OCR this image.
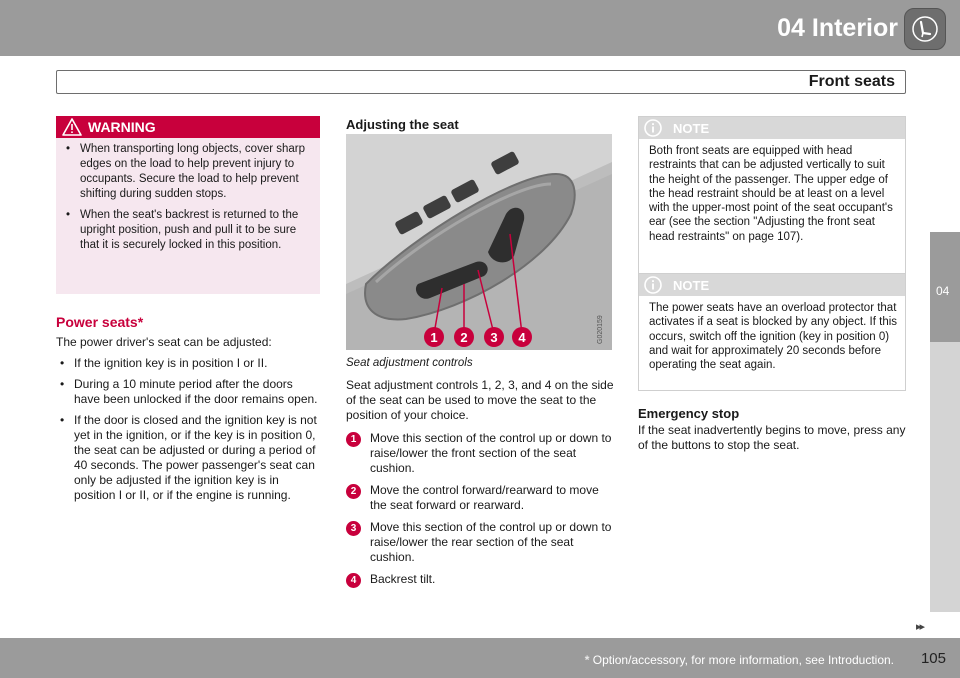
04 Interior
Front seats
04
WARNING
• When transporting long objects, cover sharp edges on the load to help prevent injury to occupants. Secure the load to help prevent shifting during sudden stops.
• When the seat's backrest is returned to the upright position, push and pull it to be sure that it is securely locked in this position.
Power seats*
The power driver's seat can be adjusted:
• If the ignition key is in position I or II.
• During a 10 minute period after the doors have been unlocked if the door remains open.
• If the door is closed and the ignition key is not yet in the ignition, or if the key is in position 0, the seat can be adjusted or during a period of 40 seconds. The power passenger's seat can only be adjusted if the ignition key is in position I or II, or if the engine is running.
Adjusting the seat
1 2 3 4	G020159
Seat adjustment controls
Seat adjustment controls 1, 2, 3, and 4 on the side of the seat can be used to move the seat to the position of your choice.
1	Move this section of the control up or down to raise/lower the front section of the seat cushion.
2	Move the control forward/rearward to move the seat forward or rearward.
3	Move this section of the control up or down to raise/lower the rear section of the seat cushion.
4	Backrest tilt.
NOTE
Both front seats are equipped with head restraints that can be adjusted vertically to suit the height of the passenger. The upper edge of the head restraint should be at least on a level with the upper-most point of the seat occupant's ear (see the section "Adjusting the front seat head restraints" on page 107).
NOTE
The power seats have an overload protector that activates if a seat is blocked by any object. If this occurs, switch off the ignition (key in position 0) and wait for approximately 20 seconds before operating the seat again.
Emergency stop
If the seat inadvertently begins to move, press any of the buttons to stop the seat.
▸▸
* Option/accessory, for more information, see Introduction. 105
